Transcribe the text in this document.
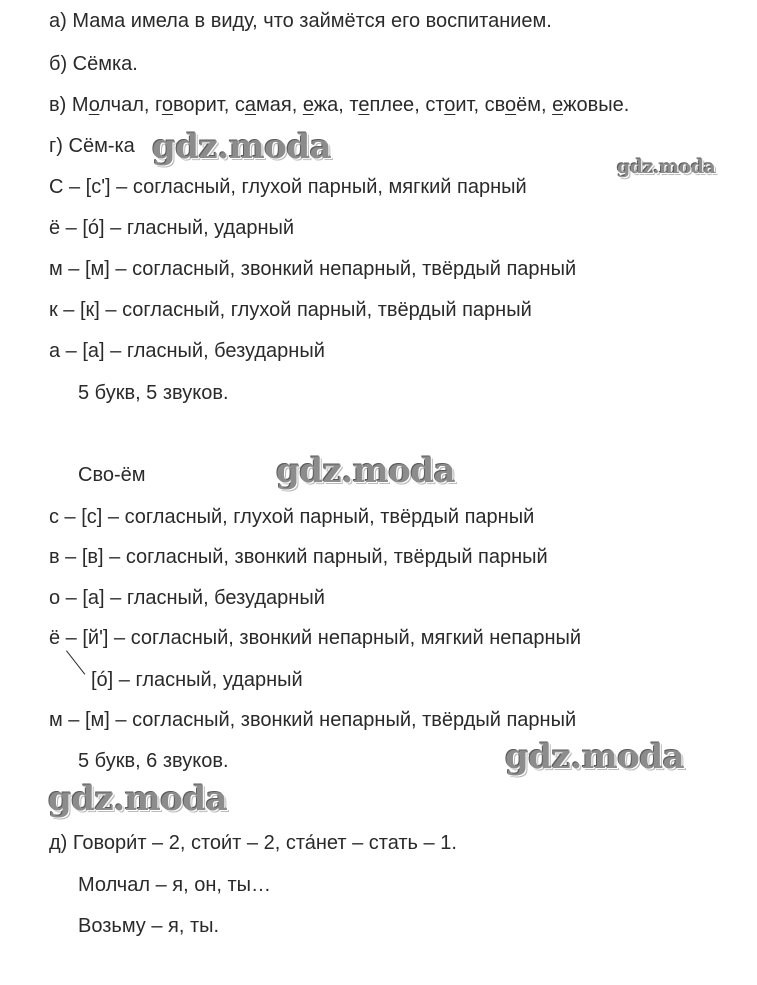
а) Мама имела в виду, что займётся его воспитанием.
б) Сёмка.
в) Молчал, говорит, самая, ежа, теплее, стоит, своём, ежовые.
г) Сём-ка
С – [с'] – согласный, глухой парный, мягкий парный
ё – [ó] – гласный, ударный
м – [м] – согласный, звонкий непарный, твёрдый парный
к – [к] – согласный, глухой парный, твёрдый парный
а – [а] – гласный, безударный
5 букв, 5 звуков.
Сво-ём
с – [с] – согласный, глухой парный, твёрдый парный
в – [в] – согласный, звонкий парный, твёрдый парный
о – [а] – гласный, безударный
ё – [й'] – согласный, звонкий непарный, мягкий непарный
[ó] – гласный, ударный
м – [м] – согласный, звонкий непарный, твёрдый парный
5 букв, 6 звуков.
д) Говори́т – 2, стои́т – 2, ста́нет – стать – 1.
Молчал – я, он, ты…
Возьму – я, ты.
gdz.moda	gdz.moda
gdz.moda
gdz.moda
gdz.moda
